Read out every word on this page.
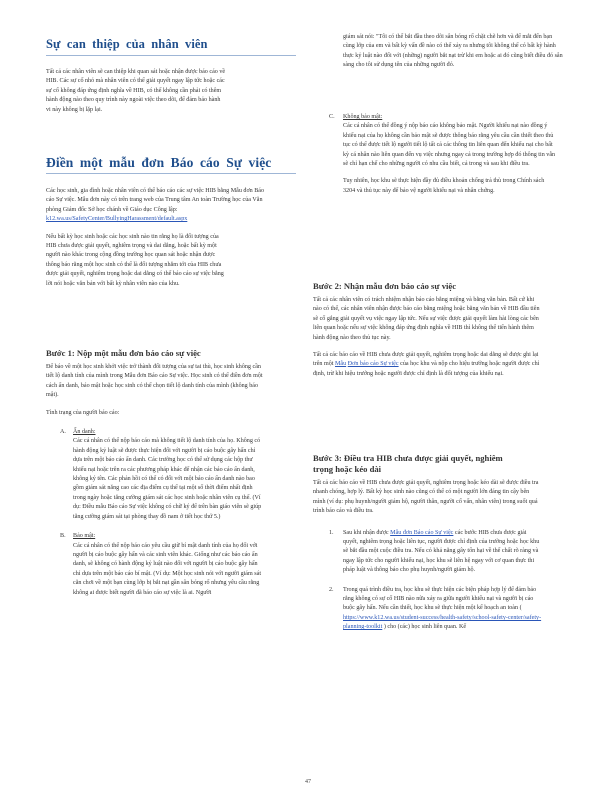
Sự can thiệp của nhân viên

Tất cả các nhân viên sẽ can thiệp khi quan sát hoặc nhận được báo cáo về HIB. Các sự cố nhỏ mà nhân viên có thể giải quyết ngay lập tức hoặc các sự cố không đáp ứng định nghĩa về HIB, có thể không cần phải có thêm hành động nào theo quy trình này ngoài việc theo dõi, để đảm bảo hành vi này không bị lặp lại.

Điền một mẫu đơn Báo cáo Sự việc

Các học sinh, gia đình hoặc nhân viên có thể báo cáo các sự việc HIB bằng Mẫu đơn Báo cáo Sự việc. Mẫu đơn này có trên trang web của Trung tâm An toàn Trường học của Văn phòng Giám đốc Sở học chánh về Giáo dục Công lập:
k12.wa.us/SafetyCenter/BullyingHarassment/default.aspx

Nếu bất kỳ học sinh hoặc các học sinh nào tin rằng họ là đối tượng của HIB chưa được giải quyết, nghiêm trọng và dai dẳng, hoặc bất kỳ một người nào khác trong cộng đồng trường học quan sát hoặc nhận được thông báo rằng một học sinh có thể là đối tượng nhắm tới của HIB chưa được giải quyết, nghiêm trọng hoặc dai dẳng có thể báo cáo sự việc bằng lời nói hoặc văn bản với bất kỳ nhân viên nào của khu.

Bước 1: Nộp một mẫu đơn báo cáo sự việc

Để báo về một học sinh khởi việc trở thành đối tượng của sự tai thù, học sinh không cần tiết lộ danh tính của mình trong Mẫu đơn Báo cáo Sự việc. Học sinh có thể điền đơn một cách ẩn danh, báo mật hoặc học sinh có thể chọn tiết lộ danh tính của mình (không báo mật).

Tình trạng của người báo cáo:

A. Ẩn danh:

Các cá nhân có thể nộp báo cáo mà không tiết lộ danh tính của họ. Không có hành động kỷ luật sẽ được thực hiện đối với người bị cáo buộc gây hấn chỉ dựa trên một báo cáo ẩn danh. Các trường học có thể sử dụng các hộp thư khiếu nại hoặc trên ra các phương pháp khác để nhận các báo cáo ẩn danh, không ký tên. Các phản hồi có thể có đối với một báo cáo ẩn danh nào bao gồm giám sát năng cao các địa điểm cụ thể tại một số thời điểm nhất định trong ngày hoặc tăng cường giám sát các học sinh hoặc nhân viên cụ thể. (Ví dụ: Điều mẫu Báo cáo Sự việc không có chữ ký để trên bàn giáo viên sẽ giúp tăng cường giám sát tại phòng thay đồ nam ở tiết học thứ 5.)

B. Bảo mật:

Các cá nhân có thể nộp báo cáo yêu cầu giữ bí mật danh tính của họ đối với người bị cáo buộc gây hấn và các sinh viên khác. Giống như các báo cáo ẩn danh, sẽ không có hành động kỷ luật nào đối với người bị cáo buộc gây hấn chỉ dựa trên một báo cáo bí mật. (Ví dụ: Một học sinh nói với người giám sát căn chơi về một bạn cùng lớp bị bắt nạt gần sân bóng rổ nhưng yêu cầu rằng không ai được biết người đã báo cáo sự việc là ai. Người

giám sát nói: "Tôi có thể bắt đầu theo dõi sân bóng rổ chặt chẽ hơn và để mắt đến bạn cùng lớp của em và bất kỳ vấn đề nào có thể xảy ra nhưng tôi không thể có bất kỳ hành thực kỷ luật nào đối với (những) người bắt nạt trừ khi em hoặc ai đó cũng biết điều đó sẵn sàng cho tôi sử dụng tên của những người đó.

C. Không bảo mật:

Các cá nhân có thể đồng ý nộp báo cáo không bảo mật. Người khiếu nại nào đồng ý khiếu nại của họ không cần bảo mật sẽ được thông báo rằng yêu cầu cần thiết theo thủ tục có thể được tiết lộ người tiết lộ tất cả các thông tin liên quan đến khiếu nại cho bất kỳ cá nhân nào liên quan đến vụ việc nhưng ngay cả trong trường hợp đó thông tin vẫn sẽ chỉ hạn chế cho những người có nhu cầu biết, cả trong và sau khi điều tra.

Tuy nhiên, học khu sẽ thực hiện đầy đủ điều khoản chống trả thù trong Chính sách 3204 và thủ tục này để bảo vệ người khiếu nại và nhân chứng.

Bước 2: Nhận mẫu đơn báo cáo sự việc

Tất cả các nhân viên có trách nhiệm nhận báo cáo bằng miệng và bằng văn bản. Bất cứ khi nào có thể, các nhân viên nhận được báo cáo bằng miệng hoặc bằng văn bản về HIB đầu tiên sẽ cố gắng giải quyết vụ việc ngay lập tức. Nếu sự việc được giải quyết làm hài lòng các bên liên quan hoặc nếu sự việc không đáp ứng định nghĩa về HIB thì không thể tiến hành thêm hành động nào theo thủ tục này.

Tất cả các báo cáo về HIB chưa được giải quyết, nghiêm trọng hoặc dai dẳng sẽ được ghi lại trên một Mẫu Đơn báo cáo Sự việc của học khu và nộp cho hiệu trưởng hoặc người được chỉ định, trừ khi hiệu trưởng hoặc người được chỉ định là đối tượng của khiếu nại.

Bước 3: Điều tra HIB chưa được giải quyết, nghiêm trọng hoặc kéo dài

Tất cả các báo cáo về HIB chưa được giải quyết, nghiêm trọng hoặc kéo dài sẽ được điều tra nhanh chóng, hợp lý. Bất kỳ học sinh nào cũng có thể có một người lớn đáng tin cậy bên mình (ví dụ: phụ huynh/người giám hộ, người thân, người cố vấn, nhân viên) trong suốt quá trình báo cáo và điều tra.

1. Sau khi nhận được Mẫu đơn Báo cáo Sự việc các bước HIB chưa được giải quyết, nghiêm trọng hoặc liên tục, người được chỉ định của trường hoặc học khu sẽ bắt đầu một cuộc điều tra. Nếu có khả năng gây tổn hại về thể chất rõ ràng và ngay lập tức cho người khiếu nại, học khu sẽ liên hệ ngay với cơ quan thực thi pháp luật và thông báo cho phụ huynh/người giám hộ.

2. Trong quá trình điều tra, học khu sẽ thực hiện các biện pháp hợp lý để đảm bảo rằng không có sự cố HIB nào nữa xảy ra giữa người khiếu nại và người bị cáo buộc gây hấn. Nếu cần thiết, học khu sẽ thực hiện một kế hoạch an toàn ( https://www.k12.wa.us/student-success/health-safety/school-safety-center/safety-planning-toolkit ) cho (các) học sinh liên quan. Kế

47
